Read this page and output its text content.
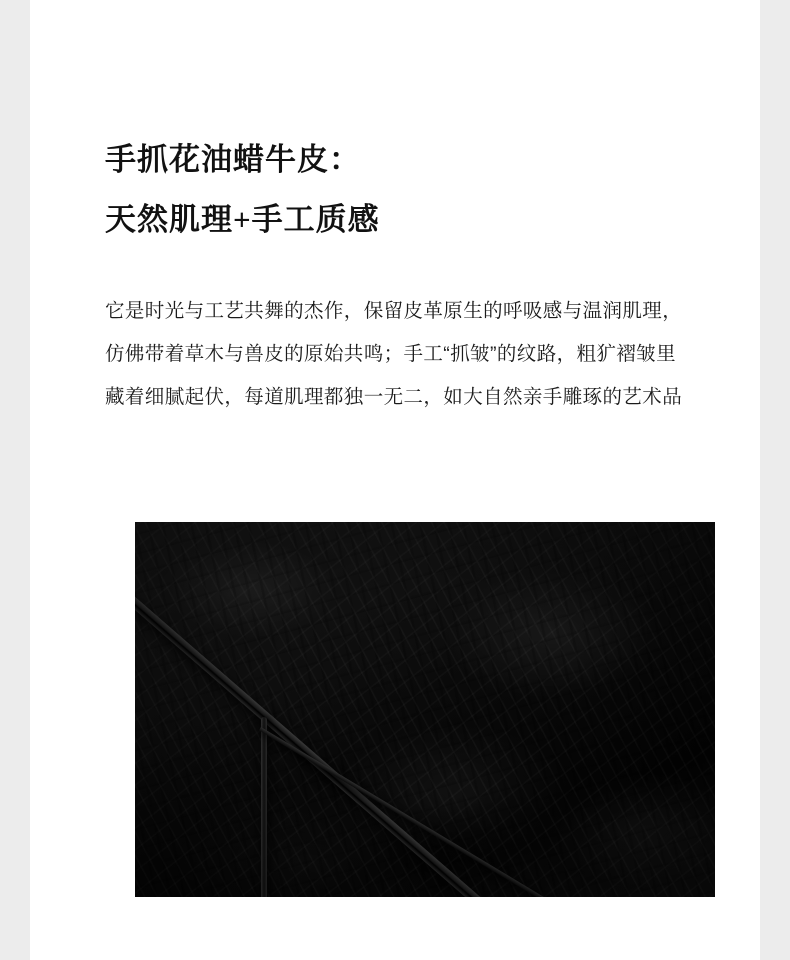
手抓花油蜡牛皮：
天然肌理+手工质感
它是时光与工艺共舞的杰作，保留皮革原生的呼吸感与温润肌理，仿佛带着草木与兽皮的原始共鸣；手工“抓皱”的纹路，粗犷褶皱里藏着细腻起伏，每道肌理都独一无二，如大自然亲手雕琢的艺术品
